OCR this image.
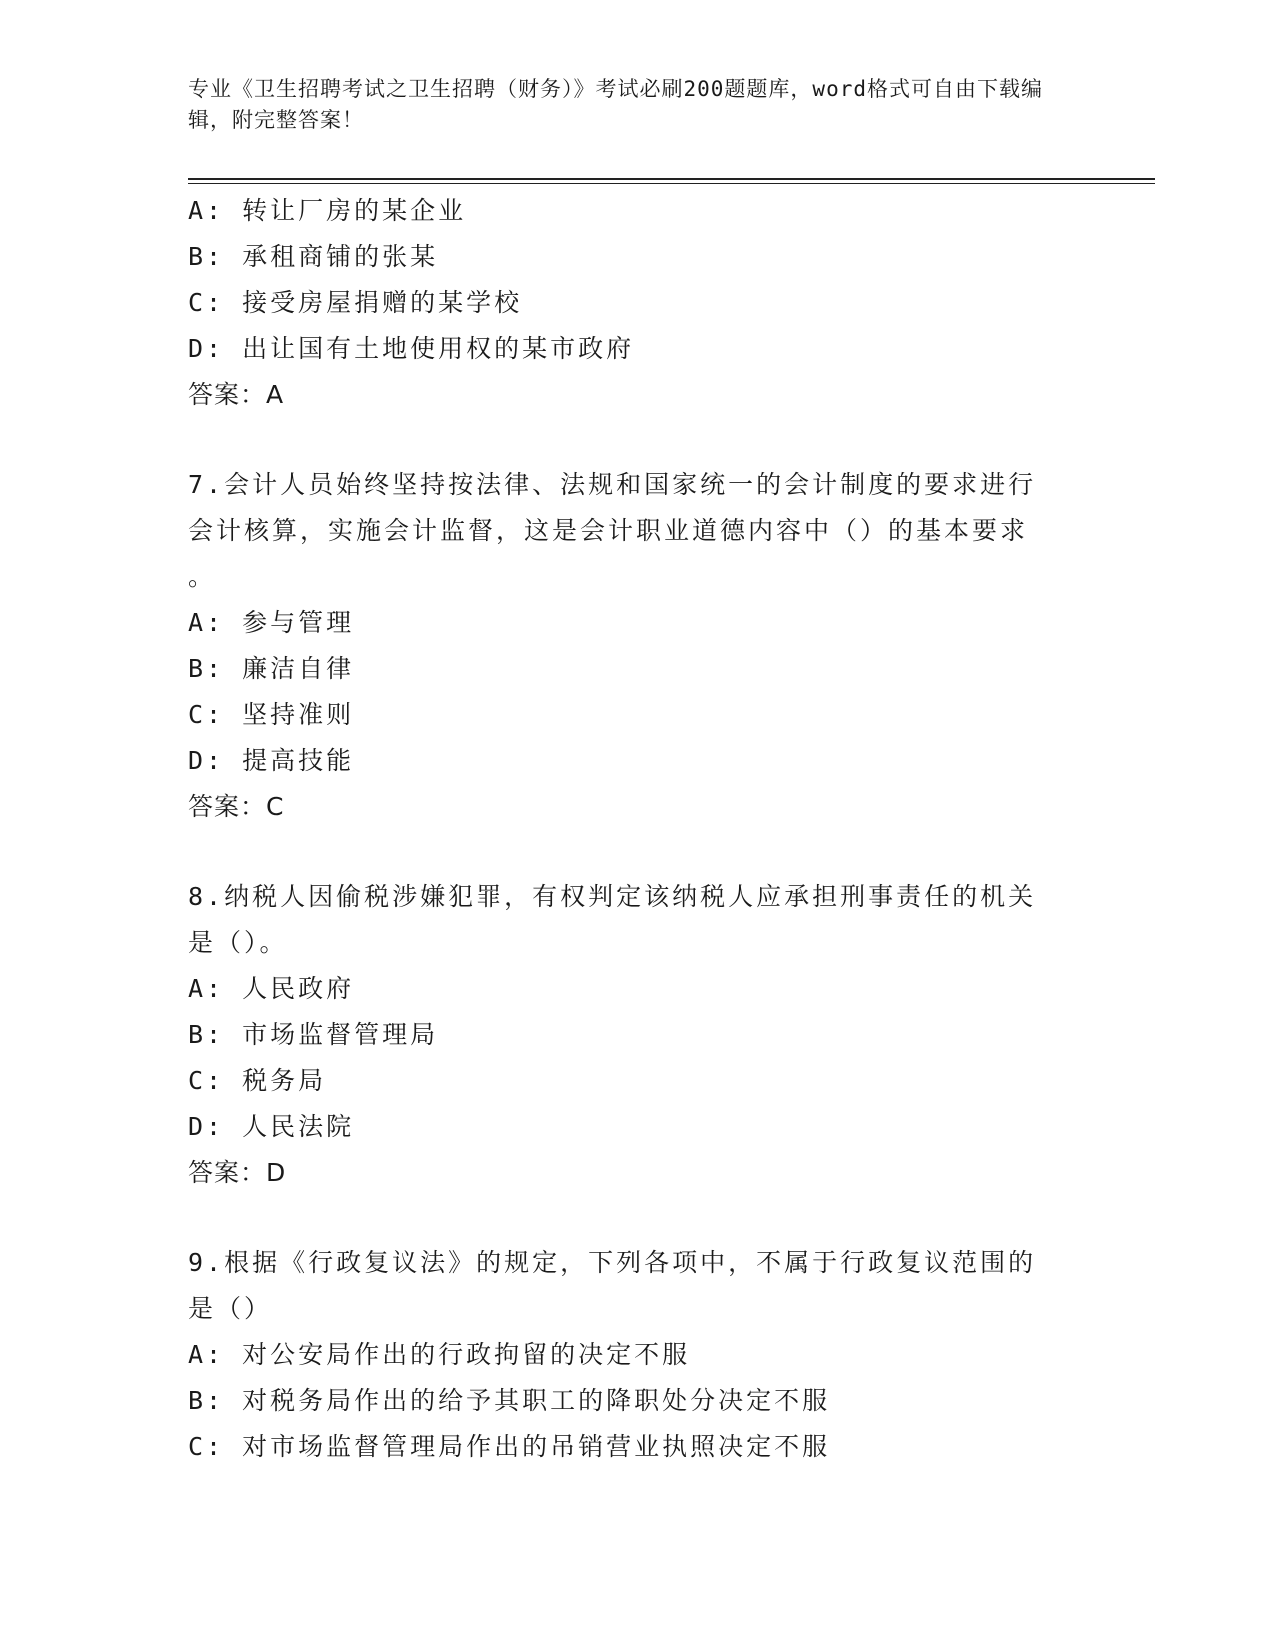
专业《卫生招聘考试之卫生招聘（财务）》考试必刷200题题库，word格式可自由下载编辑，附完整答案！
A: 转让厂房的某企业
B: 承租商铺的张某
C: 接受房屋捐赠的某学校
D: 出让国有土地使用权的某市政府
答案：A
7.会计人员始终坚持按法律、法规和国家统一的会计制度的要求进行
会计核算，实施会计监督，这是会计职业道德内容中（）的基本要求
。
A: 参与管理
B: 廉洁自律
C: 坚持准则
D: 提高技能
答案：C
8.纳税人因偷税涉嫌犯罪，有权判定该纳税人应承担刑事责任的机关
是（）。
A: 人民政府
B: 市场监督管理局
C: 税务局
D: 人民法院
答案：D
9.根据《行政复议法》的规定，下列各项中，不属于行政复议范围的
是（）
A: 对公安局作出的行政拘留的决定不服
B: 对税务局作出的给予其职工的降职处分决定不服
C: 对市场监督管理局作出的吊销营业执照决定不服
